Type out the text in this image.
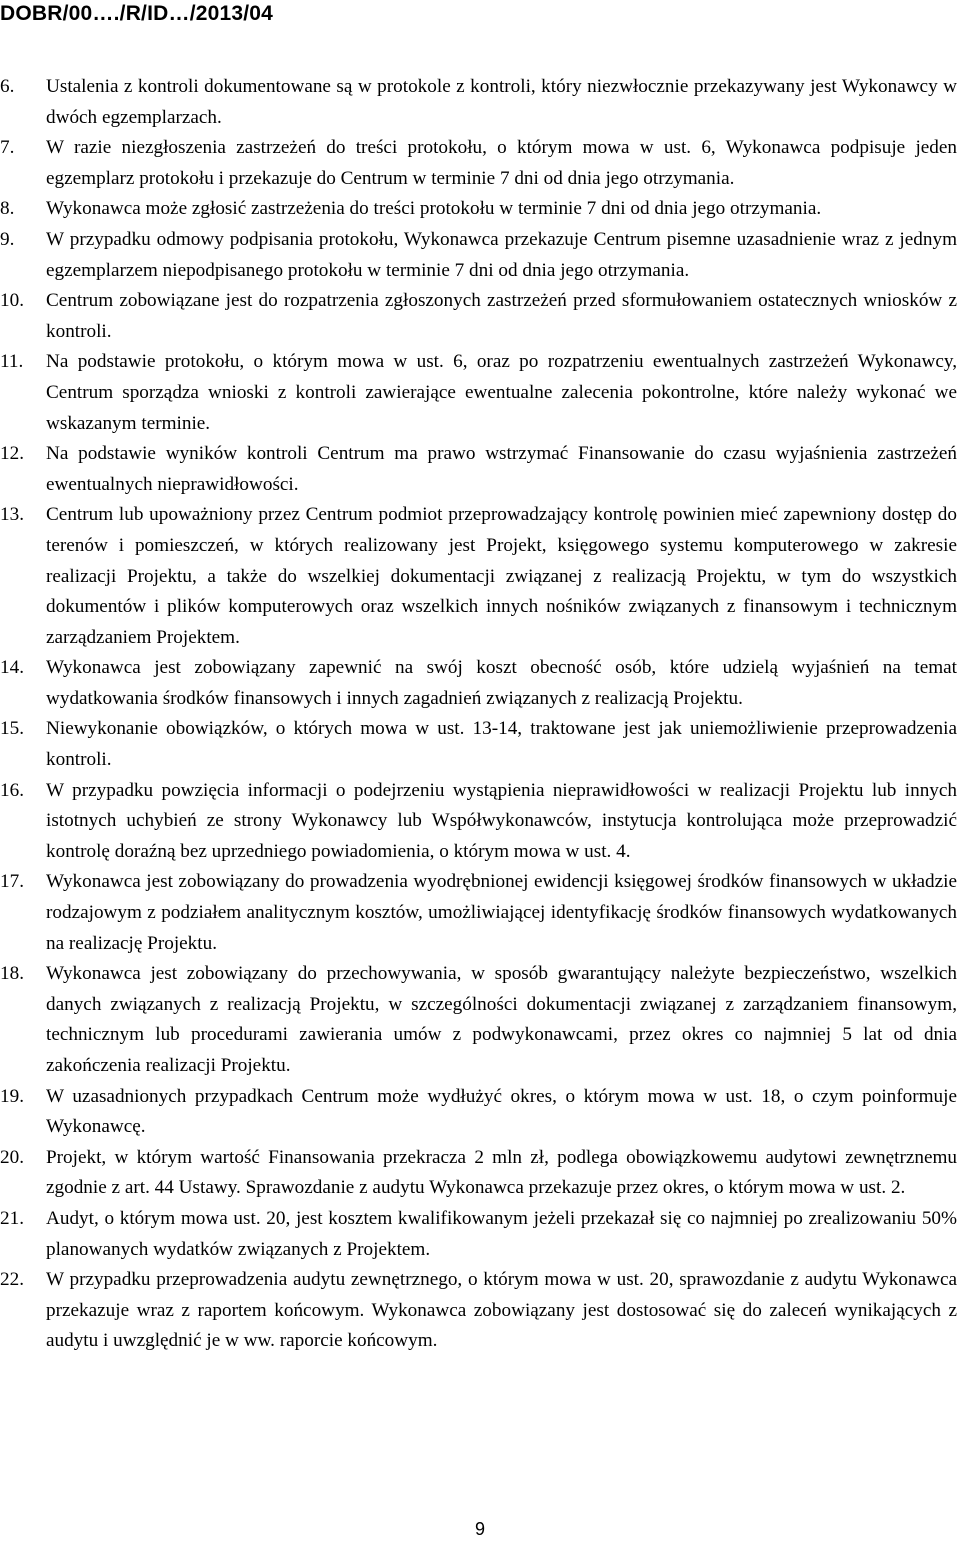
DOBR/00…./R/ID…/2013/04
6.	Ustalenia z kontroli dokumentowane są w protokole z kontroli, który niezwłocznie przekazywany jest Wykonawcy w dwóch egzemplarzach.
7.	W razie niezgłoszenia zastrzeżeń do treści protokołu, o którym mowa w ust. 6, Wykonawca podpisuje jeden egzemplarz protokołu i przekazuje do Centrum w terminie 7 dni od dnia jego otrzymania.
8.	Wykonawca może zgłosić zastrzeżenia do treści protokołu w terminie 7 dni od dnia jego otrzymania.
9.	W przypadku odmowy podpisania protokołu, Wykonawca przekazuje Centrum pisemne uzasadnienie wraz z jednym egzemplarzem niepodpisanego protokołu w terminie 7 dni od dnia jego otrzymania.
10.	Centrum zobowiązane jest do rozpatrzenia zgłoszonych zastrzeżeń przed sformułowaniem ostatecznych wniosków z kontroli.
11.	Na podstawie protokołu, o którym mowa w ust. 6, oraz po rozpatrzeniu ewentualnych zastrzeżeń Wykonawcy, Centrum sporządza wnioski z kontroli zawierające ewentualne zalecenia pokontrolne, które należy wykonać we wskazanym terminie.
12.	Na podstawie wyników kontroli Centrum ma prawo wstrzymać Finansowanie do czasu wyjaśnienia zastrzeżeń ewentualnych nieprawidłowości.
13.	Centrum lub upoważniony przez Centrum podmiot przeprowadzający kontrolę powinien mieć zapewniony dostęp do terenów i pomieszczeń, w których realizowany jest Projekt, księgowego systemu komputerowego w zakresie realizacji Projektu, a także do wszelkiej dokumentacji związanej z realizacją Projektu, w tym do wszystkich dokumentów i plików komputerowych oraz wszelkich innych nośników związanych z finansowym i technicznym zarządzaniem Projektem.
14.	Wykonawca jest zobowiązany zapewnić na swój koszt obecność osób, które udzielą wyjaśnień na temat wydatkowania środków finansowych i innych zagadnień związanych z realizacją Projektu.
15.	Niewykonanie obowiązków, o których mowa w ust. 13-14, traktowane jest jak uniemożliwienie przeprowadzenia kontroli.
16.	W przypadku powzięcia informacji o podejrzeniu wystąpienia nieprawidłowości w realizacji Projektu lub innych istotnych uchybień ze strony Wykonawcy lub Współwykonawców, instytucja kontrolująca może przeprowadzić kontrolę doraźną bez uprzedniego powiadomienia, o którym mowa w ust. 4.
17.	Wykonawca jest zobowiązany do prowadzenia wyodrębnionej ewidencji księgowej środków finansowych w układzie rodzajowym z podziałem analitycznym kosztów, umożliwiającej identyfikację środków finansowych wydatkowanych na realizację Projektu.
18.	Wykonawca jest zobowiązany do przechowywania, w sposób gwarantujący należyte bezpieczeństwo, wszelkich danych związanych z realizacją Projektu, w szczególności dokumentacji związanej z zarządzaniem finansowym, technicznym lub procedurami zawierania umów z podwykonawcami, przez okres co najmniej 5 lat od dnia zakończenia realizacji Projektu.
19.	W uzasadnionych przypadkach Centrum może wydłużyć okres, o którym mowa w ust. 18, o czym poinformuje Wykonawcę.
20.	Projekt, w którym wartość Finansowania przekracza 2 mln zł, podlega obowiązkowemu audytowi zewnętrznemu zgodnie z art. 44 Ustawy. Sprawozdanie z audytu Wykonawca przekazuje przez okres, o którym mowa w ust. 2.
21.	Audyt, o którym mowa ust. 20, jest kosztem kwalifikowanym jeżeli przekazał się co najmniej po zrealizowaniu 50% planowanych wydatków związanych z Projektem.
22.	W przypadku przeprowadzenia audytu zewnętrznego, o którym mowa w ust. 20, sprawozdanie z audytu Wykonawca przekazuje wraz z raportem końcowym. Wykonawca zobowiązany jest dostosować się do zaleceń wynikających z audytu i uwzględnić je w ww. raporcie końcowym.
9
